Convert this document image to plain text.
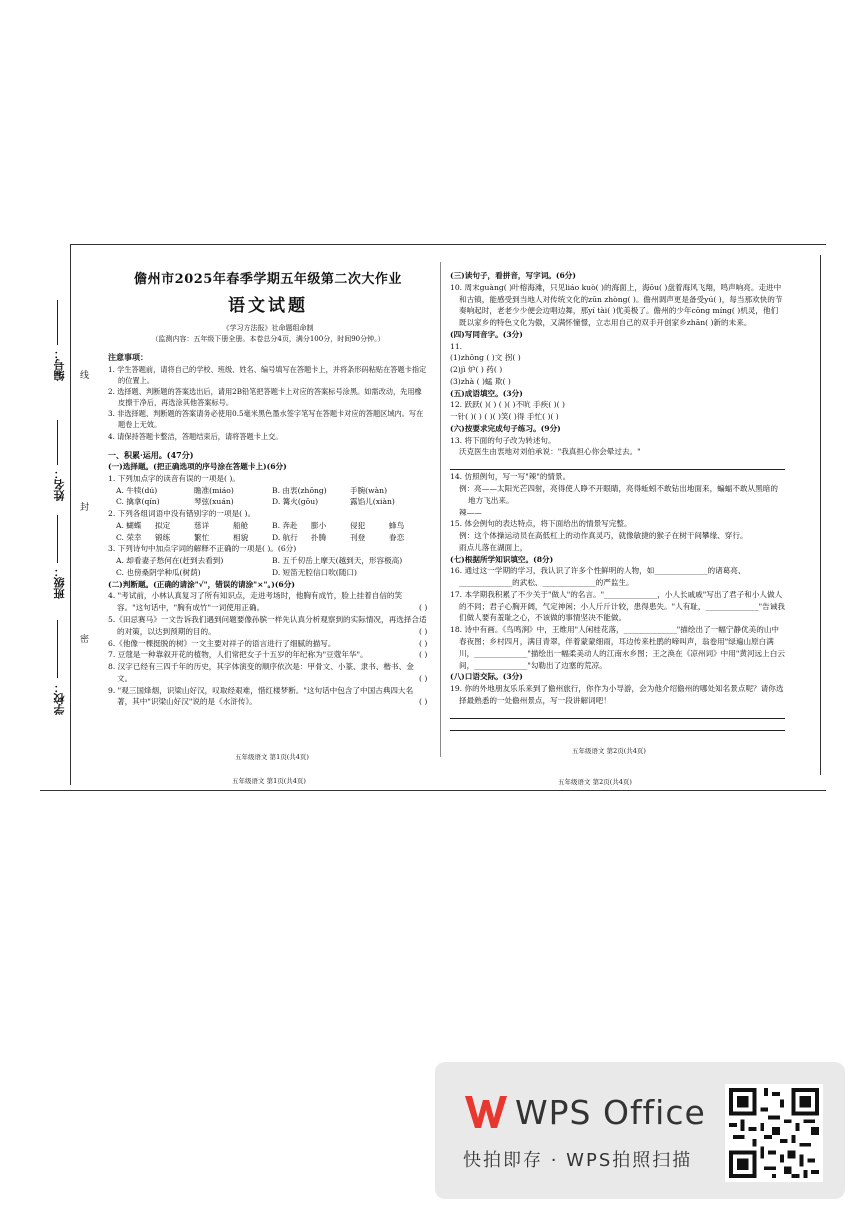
编号： 线
姓名：
封
班级：
密
学校：
儋州市2025年春季学期五年级第二次大作业
语文试题
《学习方法报》社命题组命制
（监测内容：五年级下册全册。本卷总分4页，满分100分，时间90分钟。）
注意事项：
1. 学生答题前，请将自己的学校、班级、姓名、编号填写在答题卡上，并将条形码粘贴在答题卡指定的位置上。
2. 选择题、判断题的答案选出后，请用2B铅笔把答题卡上对应的答案标号涂黑。如需改动，先用橡皮擦干净后，再选涂其他答案标号。
3. 非选择题、判断题的答案请务必使用0.5毫米黑色墨水签字笔写在答题卡对应的答题区域内。写在题卷上无效。
4. 请保持答题卡整洁，答题结束后，请将答题卡上交。
一、积累·运用。(47分)
(一)选择题。(把正确选项的序号涂在答题卡上)(6分)
1. 下列加点字的读音有误的一项是( )。
A. 牛犊(dú)	瞻准(miáo)	B. 由衷(zhōng)	手腕(wàn)
C. 擒拿(qín)	琴弦(xuán)	D. 篝火(gōu)	露馅儿(xiàn)
2. 下列各组词语中没有错别字的一项是( )。
A. 蝴蝶	拟定	慈详	船舱	B. 奔赴	膨小	侵犯	蜂鸟
C. 荣幸	锻练	繁忙	相貌	D. 航行	扑腾	刊登	眷恋
3. 下列诗句中加点字词的解释不正确的一项是( )。(6分)
A. 却看妻子愁何在(赶到去看到)	B. 五千仞岳上摩天(越到天，形容极高)
C. 也傍桑阴学种瓜(树荫)	D. 短笛无腔信口吹(随口)
(二)判断题。(正确的请涂"√"，错误的请涂"×"。)(6分)
4. "考试前，小林认真复习了所有知识点，走进考场时，他胸有成竹，脸上挂着自信的笑容。"这句话中，"胸有成竹"一词使用正确。	( )
5.《田忌赛马》一文告诉我们遇到问题要像孙膑一样先认真分析观察到的实际情况，再选择合适的对策，以达到预期的目的。	( )
6.《他像一棵挺脱的树》一文主要对祥子的语言进行了细腻的描写。	( )
7. 豆蔻是一种靠叙开花的植物，人们常把女子十五岁的年纪称为"豆蔻年华"。	( )
8. 汉字已经有三四千年的历史，其字体演变的顺序依次是：甲骨文、小篆、隶书、楷书、金文。	( )
9. "观三国烽烟，识梁山好汉，叹取经艰难，惜红楼梦断。"这句话中包含了中国古典四大名著，其中"识梁山好汉"说的是《水浒传》。	( )
(三)读句子，看拼音，写字词。(6分)
10. 周末guàng( )叶榕海滩，只见liáo kuò( )的海面上，海ōu( )盘着海风飞翔，鸣声响亮。走进中和古镇，能感受到当地人对传统文化的zūn zhòng( )。儋州调声更是备受yú( )，每当那欢快的节奏响起时，老老少少便会边唱边舞，那yí tài( )优美极了。儋州的少年cōng míng( )机灵，他们既以家乡的特色文化为傲，又满怀憧憬，立志用自己的双手开创家乡zhān( )新的未来。
(四)写同音字。(3分)
11.
(1)zhōng ( )文 拐( )
(2)jì 炉( ) 药( )
(3)zhà ( )蜢 欺( )
(五)成语填空。(3分)
12. 跃跃( )( ) ( )( )不吭 手疾( )( )
一针( )( ) ( )( )笑( )得 手忙( )( )
(六)按要求完成句子练习。(9分)
13. 将下面的句子改为转述句。
沃克医生由衷地对刘伯承说："我真担心你会晕过去。"
14. 仿照例句，写一写"辣"的情景。
例：亮——太阳光芒四射，亮得使人睁不开眼睛，亮得蚯蚓不敢钻出地面来，蝙蝠不敢从黑暗的地方飞出来。
辣——
15. 体会例句的表达特点，将下面给出的情景写完整。
例：这个体操运动员在高低杠上的动作真灵巧，就像敏捷的猴子在树干间攀缘、穿行。
雨点儿落在湖面上，
(七)根据所学知识填空。(8分)
16. 通过这一学期的学习，我认识了许多个性鲜明的人物，如______________的诸葛亮、______________的武松、______________的严监生。
17. 本学期我积累了不少关于"做人"的名言。"______________，小人长戚戚"写出了君子和小人做人的不同；君子心胸开阔，气定神闲；小人斤斤计较，患得患失。"人有耻，______________"告诫我们做人要有羞耻之心，不该做的事情坚决不能做。
18. 诗中有画。《鸟鸣涧》中，王维用"人闲桂花落，______________"描绘出了一幅宁静优美的山中春夜图；乡村四月，满目青翠，伴着蒙蒙细雨，耳边传来杜鹃的啼叫声，翁卷用"绿遍山原白满川，______________"描绘出一幅柔美动人的江南水乡图；王之涣在《凉州词》中用"黄河远上白云间，______________"勾勒出了边塞的荒凉。
(八)口语交际。(3分)
19. 你的外地朋友乐乐来到了儋州旅行，你作为小导游，会为他介绍儋州的哪处知名景点呢？请你选择最熟悉的一处儋州景点，写一段讲解词吧！
五年级语文 第1页(共4页)
五年级语文 第2页(共4页)
五年级语文 第1页(共4页)	五年级语文 第2页(共4页)
WPS Office
快拍即存 · WPS拍照扫描
